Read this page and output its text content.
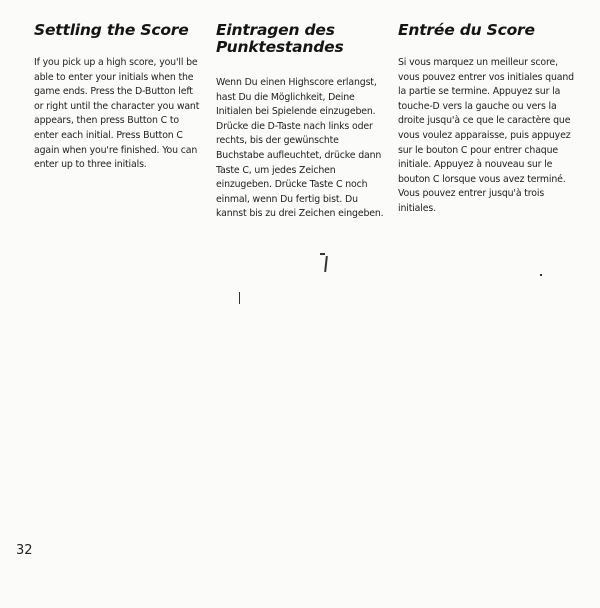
Settling the Score

If you pick up a high score, you'll be able to enter your initials when the game ends. Press the D-Button left or right until the character you want appears, then press Button C to enter each initial. Press Button C again when you're finished. You can enter up to three initials.

Eintragen des Punktestandes

Wenn Du einen Highscore erlangst, hast Du die Möglichkeit, Deine Initialen bei Spielende einzugeben. Drücke die D-Taste nach links oder rechts, bis der gewünschte Buchstabe aufleuchtet, drücke dann Taste C, um jedes Zeichen einzugeben. Drücke Taste C noch einmal, wenn Du fertig bist. Du kannst bis zu drei Zeichen eingeben.

Entrée du Score

Si vous marquez un meilleur score, vous pouvez entrer vos initiales quand la partie se termine. Appuyez sur la touche-D vers la gauche ou vers la droite jusqu'à ce que le caractère que vous voulez apparaisse, puis appuyez sur le bouton C pour entrer chaque initiale. Appuyez à nouveau sur le bouton C lorsque vous avez terminé. Vous pouvez entrer jusqu'à trois initiales.

32
